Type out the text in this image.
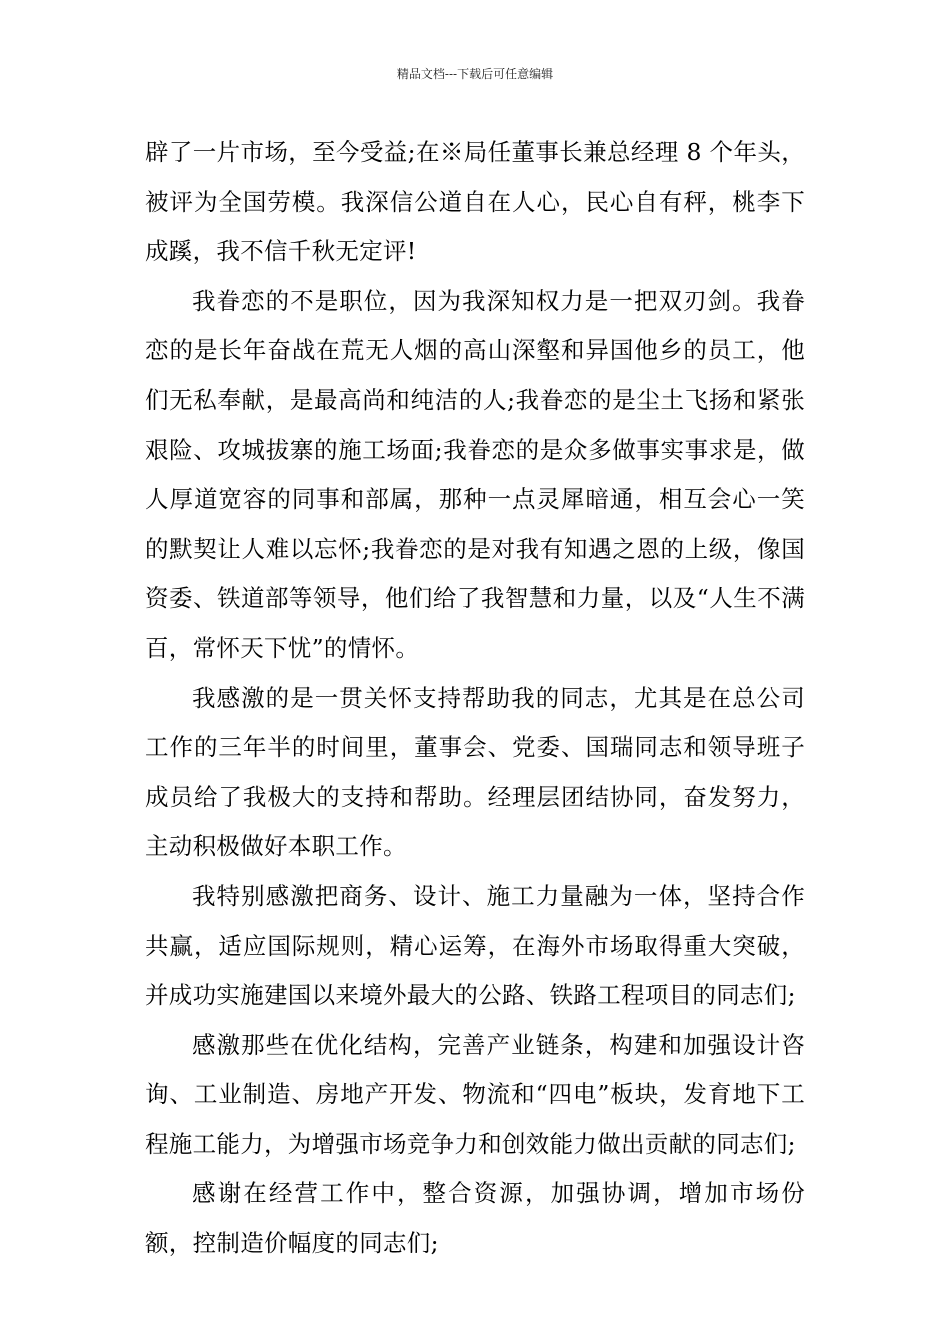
精品文档---下载后可任意编辑

辟了一片市场，至今受益;在※局任董事长兼总经理 8 个年头，被评为全国劳模。我深信公道自在人心，民心自有秤，桃李下成蹊，我不信千秋无定评!

我眷恋的不是职位，因为我深知权力是一把双刃剑。我眷恋的是长年奋战在荒无人烟的高山深壑和异国他乡的员工，他们无私奉献，是最高尚和纯洁的人;我眷恋的是尘土飞扬和紧张艰险、攻城拔寨的施工场面;我眷恋的是众多做事实事求是，做人厚道宽容的同事和部属，那种一点灵犀暗通，相互会心一笑的默契让人难以忘怀;我眷恋的是对我有知遇之恩的上级，像国资委、铁道部等领导，他们给了我智慧和力量，以及“人生不满百，常怀天下忧”的情怀。

我感激的是一贯关怀支持帮助我的同志，尤其是在总公司工作的三年半的时间里，董事会、党委、国瑞同志和领导班子成员给了我极大的支持和帮助。经理层团结协同，奋发努力，主动积极做好本职工作。

我特别感激把商务、设计、施工力量融为一体，坚持合作共赢，适应国际规则，精心运筹，在海外市场取得重大突破，并成功实施建国以来境外最大的公路、铁路工程项目的同志们;

感激那些在优化结构，完善产业链条，构建和加强设计咨询、工业制造、房地产开发、物流和“四电”板块，发育地下工程施工能力，为增强市场竞争力和创效能力做出贡献的同志们;

感谢在经营工作中，整合资源，加强协调，增加市场份额，控制造价幅度的同志们;
